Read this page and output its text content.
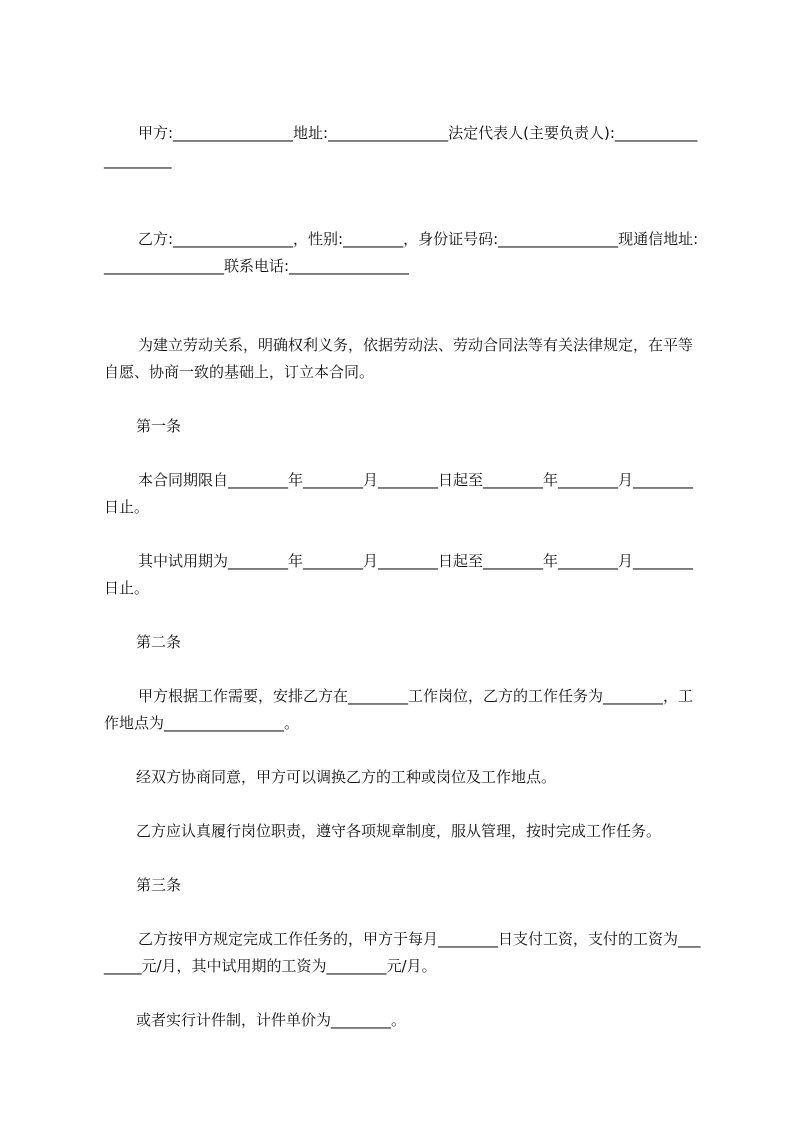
甲方:________________地址:________________法定代表人(主要负责人):____________________

乙方:________________，性别:________，身份证号码:________________现通信地址:________________联系电话:________________

为建立劳动关系，明确权利义务，依据劳动法、劳动合同法等有关法律规定，在平等自愿、协商一致的基础上，订立本合同。

第一条

本合同期限自________年________月________日起至________年________月________日止。

其中试用期为________年________月________日起至________年________月________日止。

第二条

甲方根据工作需要，安排乙方在________工作岗位，乙方的工作任务为________，工作地点为________________。

经双方协商同意，甲方可以调换乙方的工种或岗位及工作地点。

乙方应认真履行岗位职责，遵守各项规章制度，服从管理，按时完成工作任务。

第三条

乙方按甲方规定完成工作任务的，甲方于每月________日支付工资，支付的工资为________元/月，其中试用期的工资为________元/月。

或者实行计件制，计件单价为________。
